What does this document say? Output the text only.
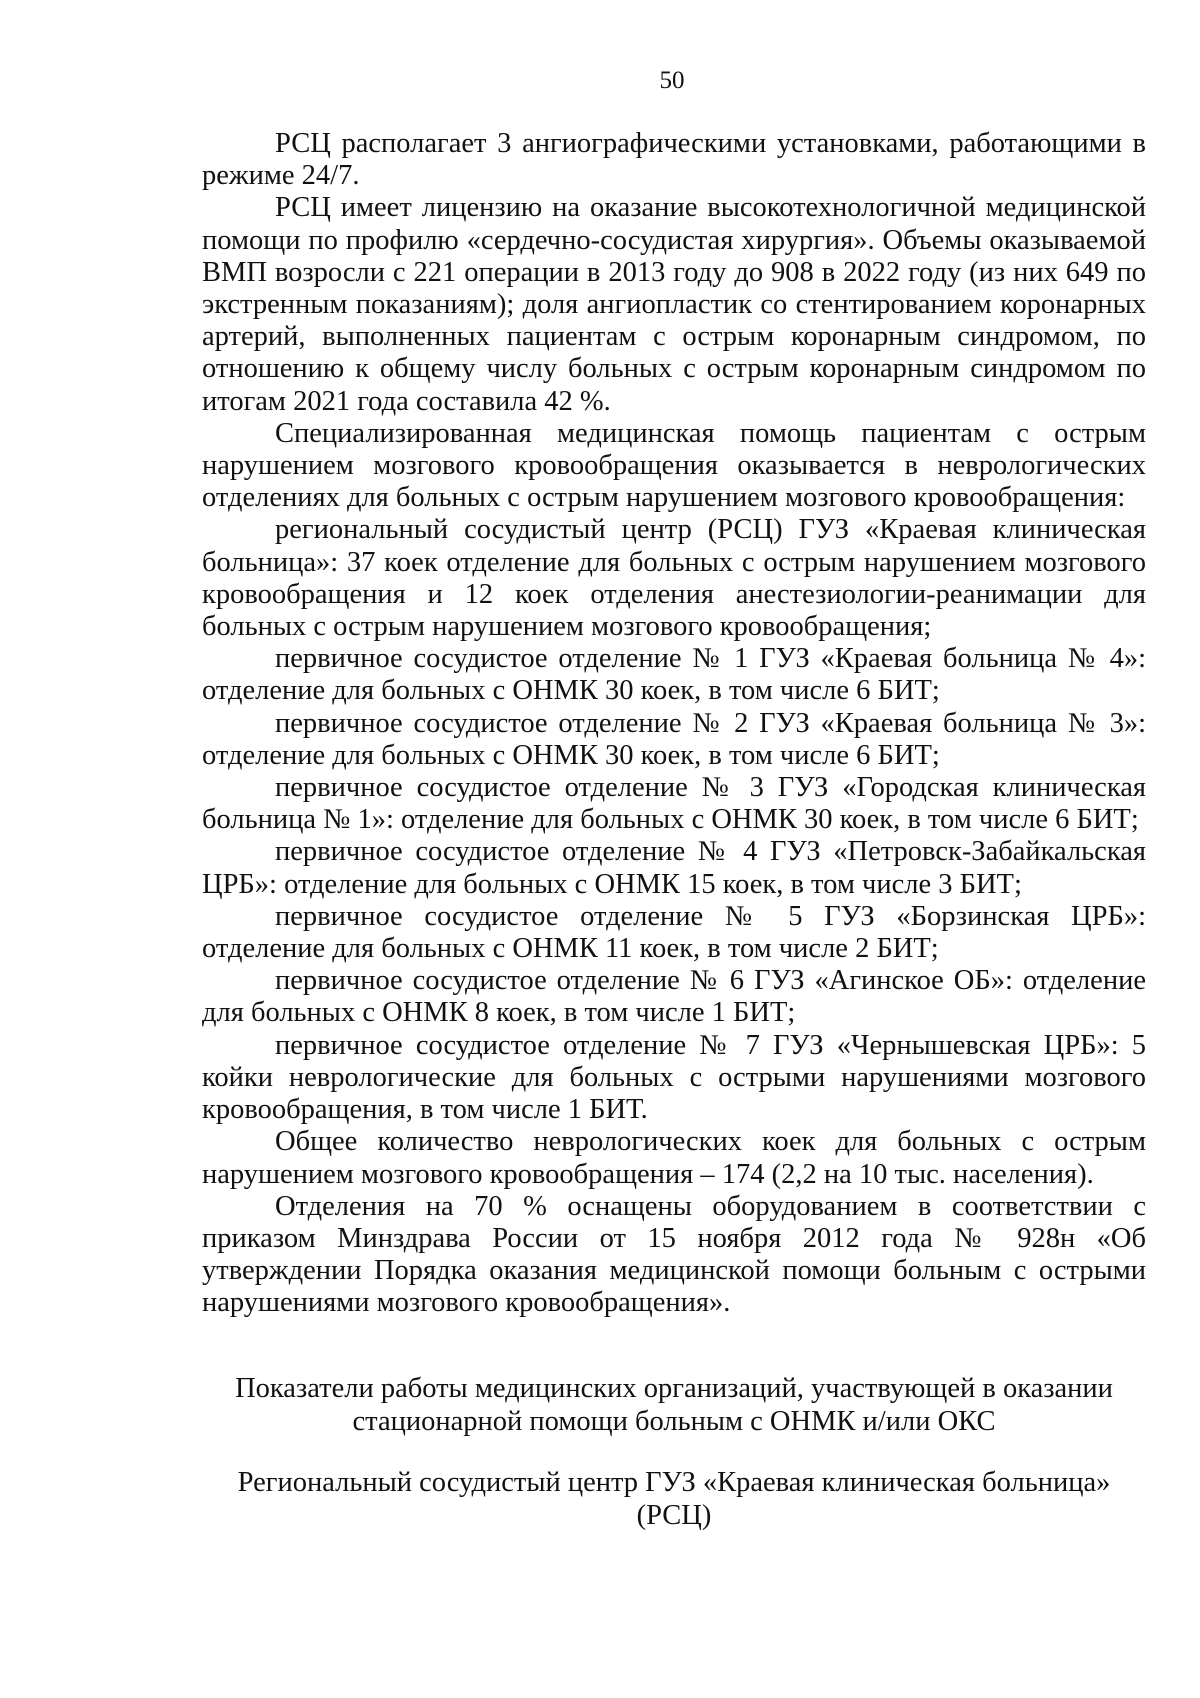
50

РСЦ располагает 3 ангиографическими установками, работающими в режиме 24/7.

РСЦ имеет лицензию на оказание высокотехнологичной медицинской помощи по профилю «сердечно-сосудистая хирургия». Объемы оказываемой ВМП возросли с 221 операции в 2013 году до 908 в 2022 году (из них 649 по экстренным показаниям); доля ангиопластик со стентированием коронарных артерий, выполненных пациентам с острым коронарным синдромом, по отношению к общему числу больных с острым коронарным синдромом по итогам 2021 года составила 42 %.

Специализированная медицинская помощь пациентам с острым нарушением мозгового кровообращения оказывается в неврологических отделениях для больных с острым нарушением мозгового кровообращения:

региональный сосудистый центр (РСЦ) ГУЗ «Краевая клиническая больница»: 37 коек отделение для больных с острым нарушением мозгового кровообращения и 12 коек отделения анестезиологии-реанимации для больных с острым нарушением мозгового кровообращения;

первичное сосудистое отделение № 1 ГУЗ «Краевая больница № 4»: отделение для больных с ОНМК 30 коек, в том числе 6 БИТ;

первичное сосудистое отделение № 2 ГУЗ «Краевая больница № 3»: отделение для больных с ОНМК 30 коек, в том числе 6 БИТ;

первичное сосудистое отделение № 3 ГУЗ «Городская клиническая больница № 1»: отделение для больных с ОНМК 30 коек, в том числе 6 БИТ;

первичное сосудистое отделение № 4 ГУЗ «Петровск-Забайкальская ЦРБ»: отделение для больных с ОНМК 15 коек, в том числе 3 БИТ;

первичное сосудистое отделение № 5 ГУЗ «Борзинская ЦРБ»: отделение для больных с ОНМК 11 коек, в том числе 2 БИТ;

первичное сосудистое отделение № 6 ГУЗ «Агинское ОБ»: отделение для больных с ОНМК 8 коек, в том числе 1 БИТ;

первичное сосудистое отделение № 7 ГУЗ «Чернышевская ЦРБ»: 5 койки неврологические для больных с острыми нарушениями мозгового кровообращения, в том числе 1 БИТ.

Общее количество неврологических коек для больных с острым нарушением мозгового кровообращения – 174 (2,2 на 10 тыс. населения).

Отделения на 70 % оснащены оборудованием в соответствии с приказом Минздрава России от 15 ноября 2012 года № 928н «Об утверждении Порядка оказания медицинской помощи больным с острыми нарушениями мозгового кровообращения».

Показатели работы медицинских организаций, участвующей в оказании стационарной помощи больным с ОНМК и/или ОКС

Региональный сосудистый центр ГУЗ «Краевая клиническая больница» (РСЦ)
